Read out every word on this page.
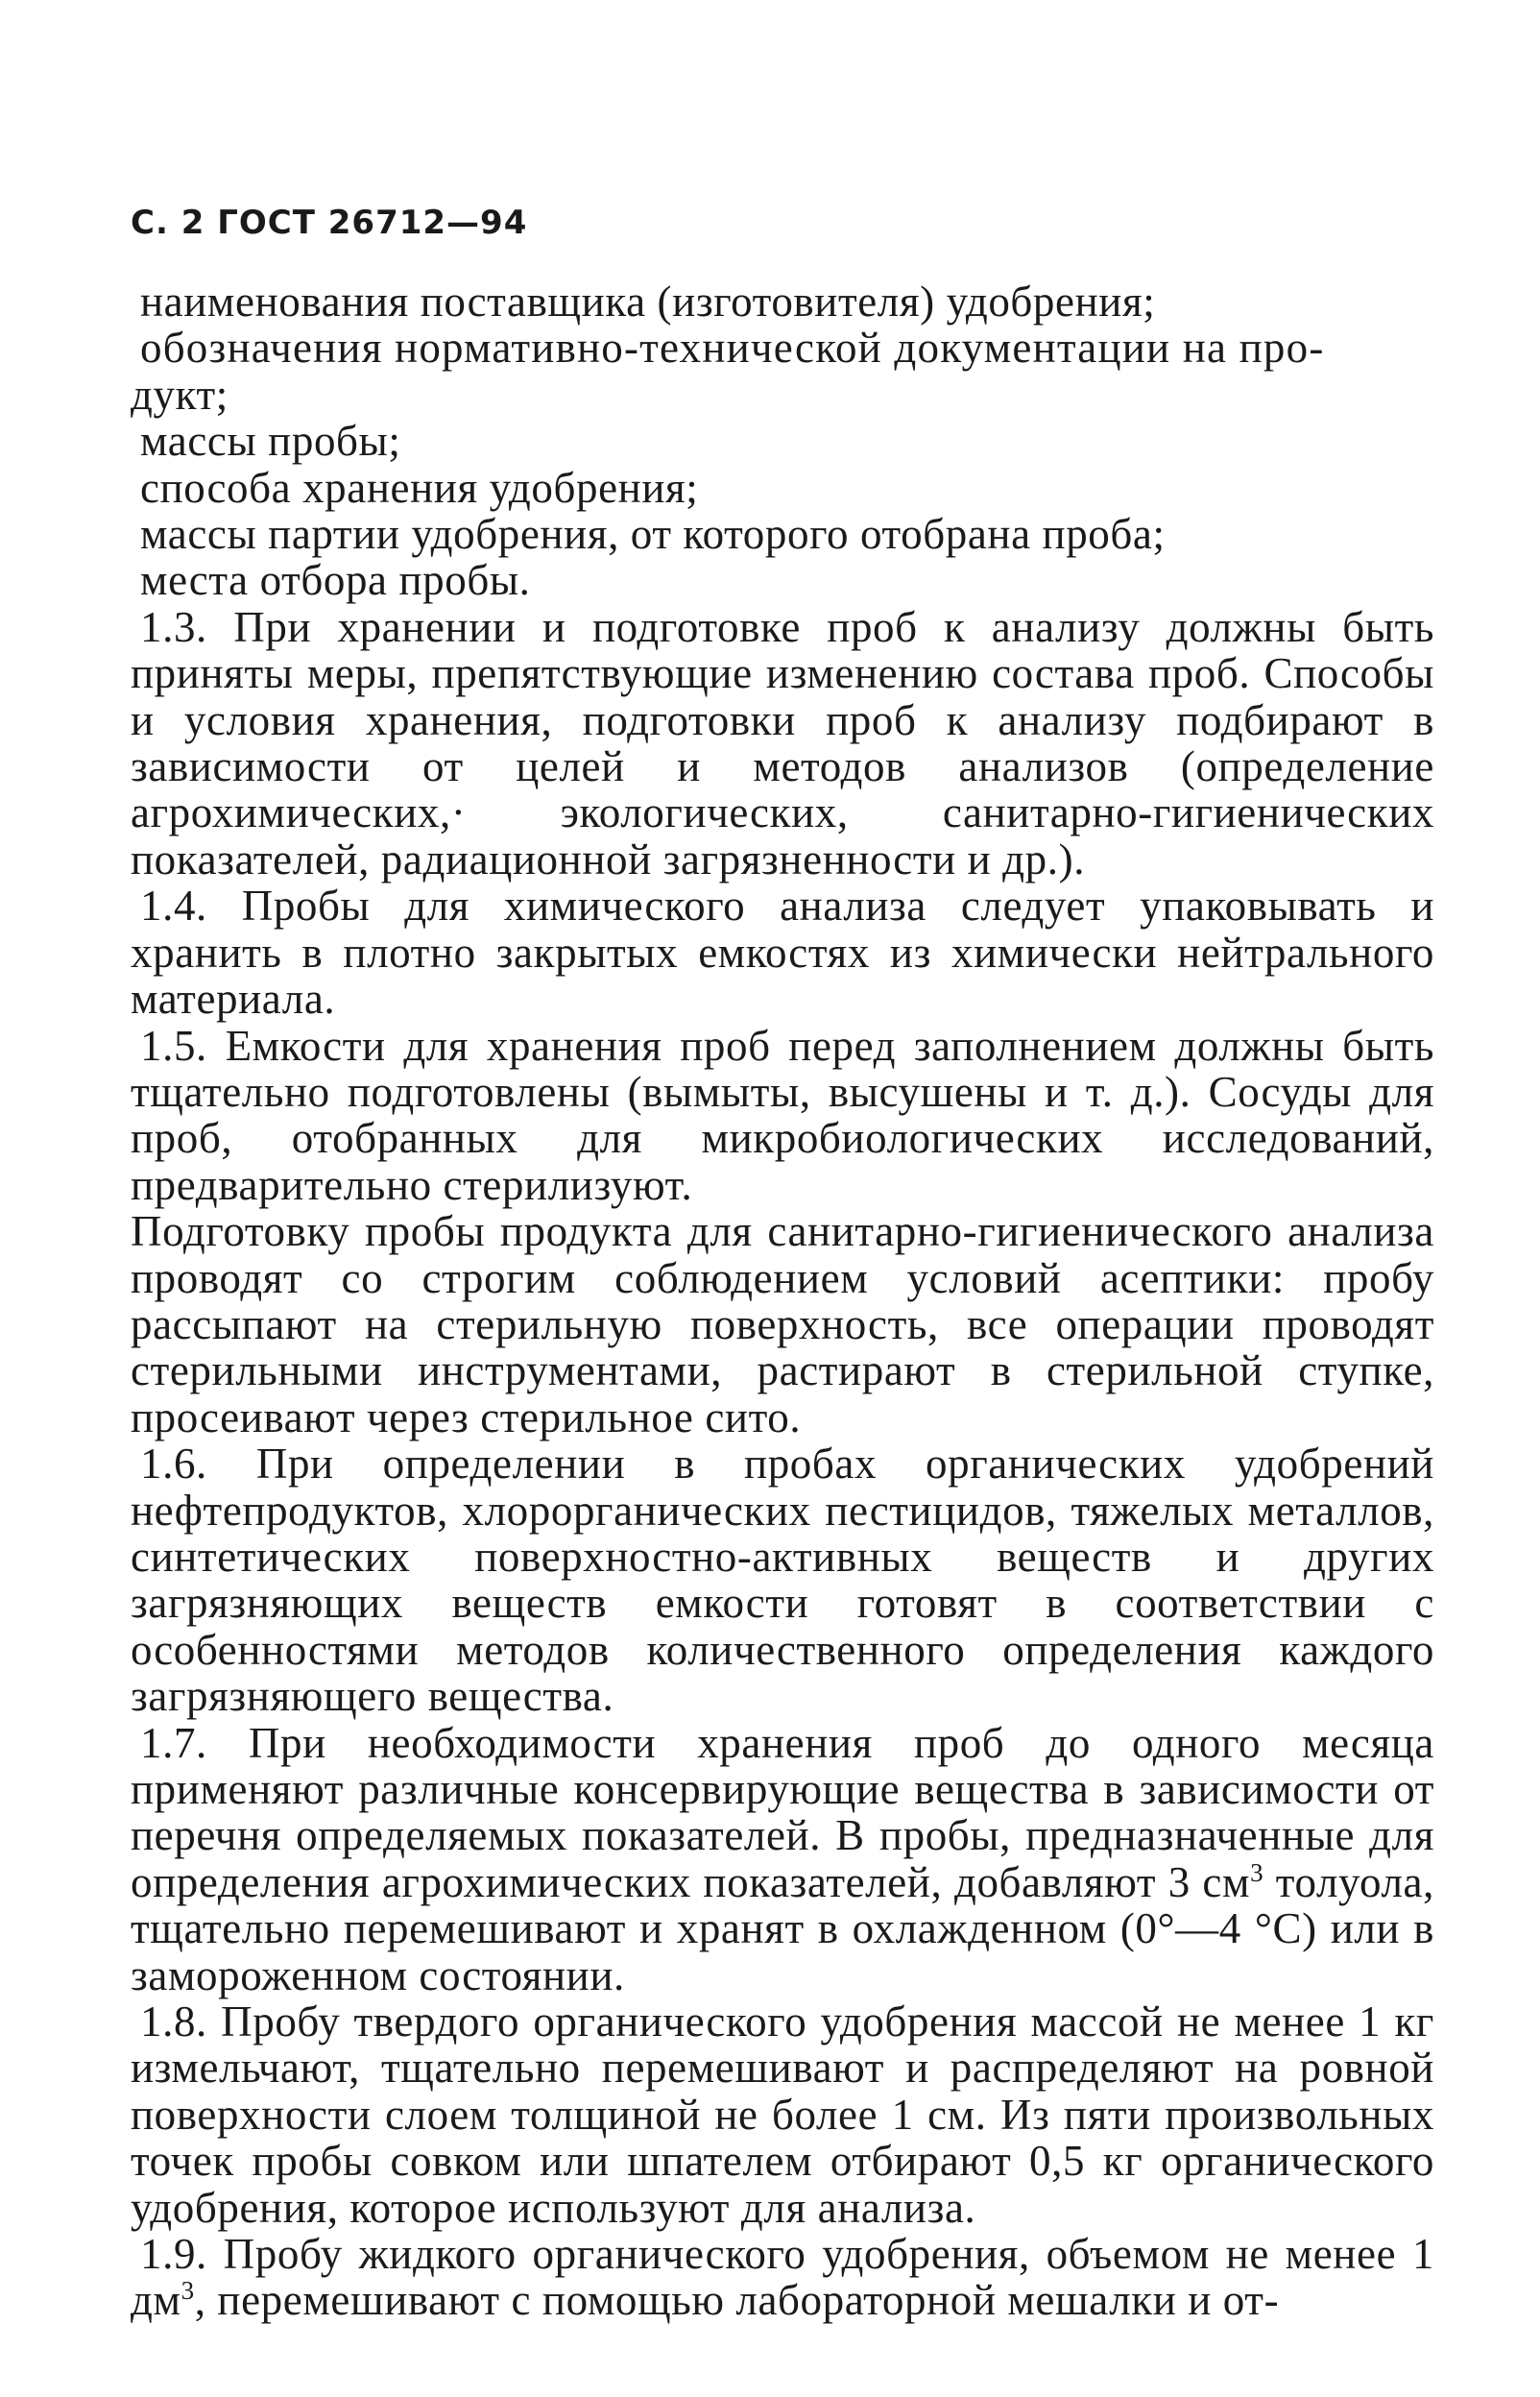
С. 2 ГОСТ 26712—94
наименования поставщика (изготовителя) удобрения;
обозначения нормативно-технической документации на про-
дукт;
массы пробы;
способа хранения удобрения;
массы партии удобрения, от которого отобрана проба;
места отбора пробы.
1.3. При хранении и подготовке проб к анализу должны быть приняты меры, препятствующие изменению состава проб. Способы и условия хранения, подготовки проб к анализу подбирают в зависимости от целей и методов анализов (определение агрохимических,· экологических, санитарно-гигиенических показателей, радиационной загрязненности и др.).
1.4. Пробы для химического анализа следует упаковывать и хранить в плотно закрытых емкостях из химически нейтрального материала.
1.5. Емкости для хранения проб перед заполнением должны быть тщательно подготовлены (вымыты, высушены и т. д.). Сосуды для проб, отобранных для микробиологических исследований, предварительно стерилизуют.
Подготовку пробы продукта для санитарно-гигиенического анализа проводят со строгим соблюдением условий асептики: пробу рассыпают на стерильную поверхность, все операции проводят стерильными инструментами, растирают в стерильной ступке, просеивают через стерильное сито.
1.6. При определении в пробах органических удобрений нефтепродуктов, хлорорганических пестицидов, тяжелых металлов, синтетических поверхностно-активных веществ и других загрязняющих веществ емкости готовят в соответствии с особенностями методов количественного определения каждого загрязняющего вещества.
1.7. При необходимости хранения проб до одного месяца применяют различные консервирующие вещества в зависимости от перечня определяемых показателей. В пробы, предназначенные для определения агрохимических показателей, добавляют 3 $см^3$ толуола, тщательно перемешивают и хранят в охлажденном (0°—4 °С) или в замороженном состоянии.
1.8. Пробу твердого органического удобрения массой не менее 1 кг измельчают, тщательно перемешивают и распределяют на ровной поверхности слоем толщиной не более 1 см. Из пяти произвольных точек пробы совком или шпателем отбирают 0,5 кг органического удобрения, которое используют для анализа.
1.9. Пробу жидкого органического удобрения, объемом не менее 1 $дм^3$, перемешивают с помощью лабораторной мешалки и от-
